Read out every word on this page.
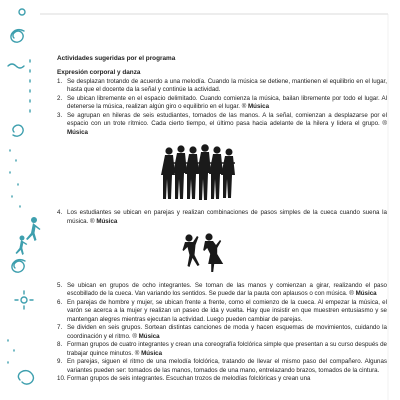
Actividades sugeridas por el programa
Expresión corporal y danza
1. Se desplazan trotando de acuerdo a una melodía. Cuando la música se detiene, mantienen el equilibrio en el lugar, hasta que el docente da la señal y continúe la actividad.
2. Se ubican libremente en el espacio delimitado. Cuando comienza la música, bailan libremente por todo el lugar. Al detenerse la música, realizan algún giro o equilibrio en el lugar. ® Música
3. Se agrupan en hileras de seis estudiantes, tomados de las manos. A la señal, comienzan a desplazarse por el espacio con un trote rítmico. Cada cierto tiempo, el último pasa hacia adelante de la hilera y lidera el grupo. ® Música
4. Los estudiantes se ubican en parejas y realizan combinaciones de pasos simples de la cueca cuando suena la música. ® Música
5. Se ubican en grupos de ocho integrantes. Se toman de las manos y comienzan a girar, realizando el paso escobillado de la cueca. Van variando los sentidos. Se puede dar la pauta con aplausos o con música. ® Música
6. En parejas de hombre y mujer, se ubican frente a frente, como el comienzo de la cueca. Al empezar la música, el varón se acerca a la mujer y realizan un paseo de ida y vuelta. Hay que insistir en que muestren entusiasmo y se mantengan alegres mientras ejecutan la actividad. Luego pueden cambiar de parejas.
7. Se dividen en seis grupos. Sortean distintas canciones de moda y hacen esquemas de movimientos, cuidando la coordinación y el ritmo. ® Música
8. Forman grupos de cuatro integrantes y crean una coreografía folclórica simple que presentan a su curso después de trabajar quince minutos. ® Música
9. En parejas, siguen el ritmo de una melodía folclórica, tratando de llevar el mismo paso del compañero. Algunas variantes pueden ser: tomados de las manos, tomados de una mano, entrelazando brazos, tomados de la cintura.
10. Forman grupos de seis integrantes. Escuchan trozos de melodías folclóricas y crean una
